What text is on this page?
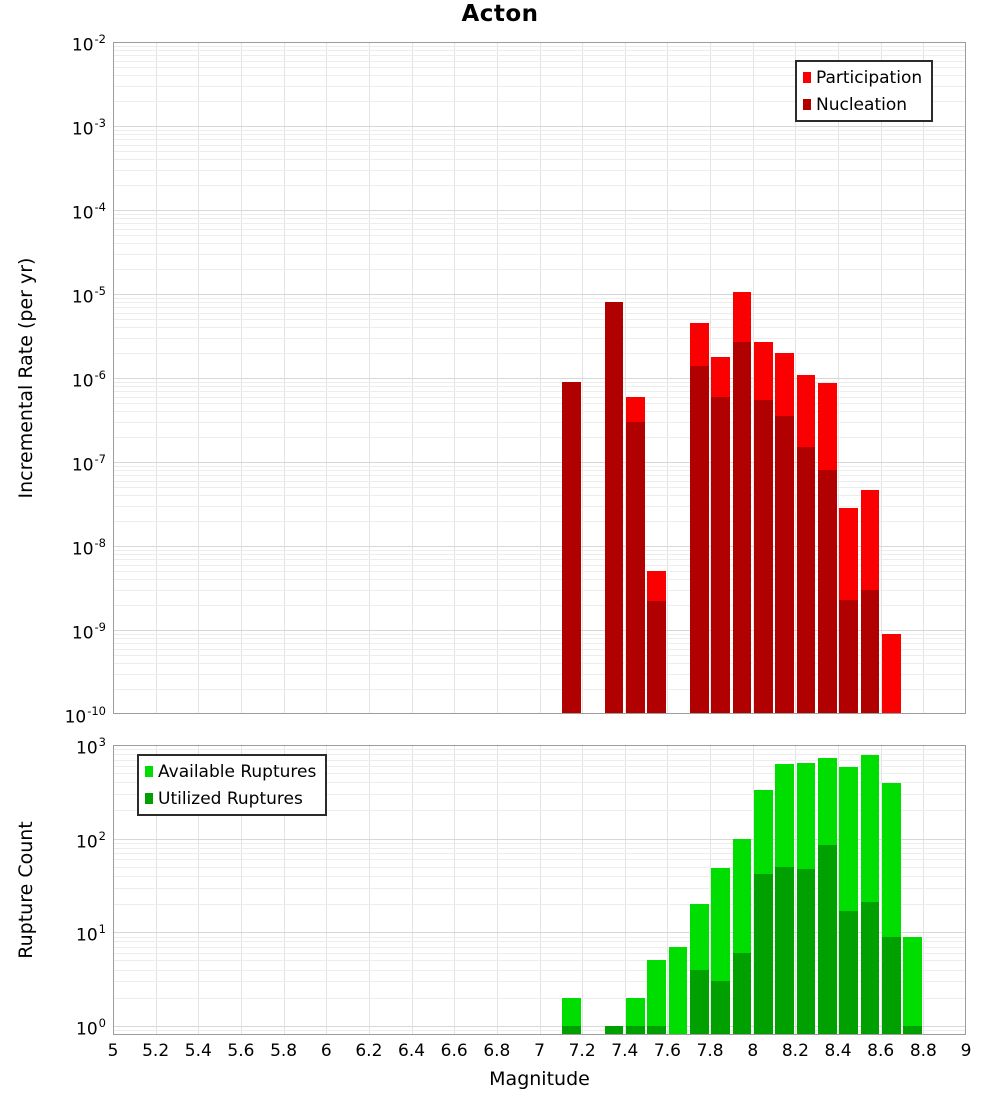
Acton
Incremental Rate (per yr)
Rupture Count
Participation
Nucleation
Available Ruptures
Utilized Ruptures
$10^{-2}$
$10^{-3}$
$10^{-4}$
$10^{-5}$
$10^{-6}$
$10^{-7}$
$10^{-8}$
$10^{-9}$
$10^{-10}$
$10^3$
$10^2$
$10^1$
$10^0$
5 5.2 5.4 5.6 5.8 6 6.2 6.4 6.6 6.8 7 7.2 7.4 7.6 7.8 8 8.2 8.4 8.6 8.8 9
Magnitude
